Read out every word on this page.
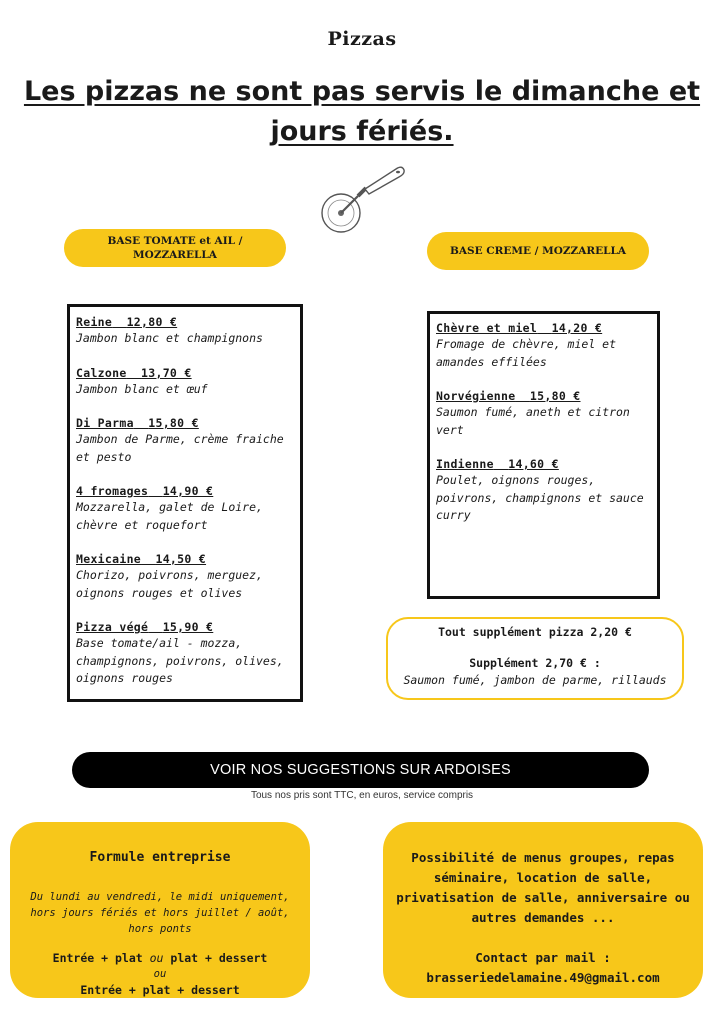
Pizzas
Les pizzas ne sont pas servis le dimanche et jours fériés.
BASE TOMATE et AIL / MOZZARELLA	BASE CREME / MOZZARELLA
Reine 12,80 €
Jambon blanc et champignons
Calzone 13,70 €
Jambon blanc et œuf
Di Parma 15,80 €
Jambon de Parme, crème fraiche et pesto
4 fromages 14,90 €
Mozzarella, galet de Loire, chèvre et roquefort
Mexicaine 14,50 €
Chorizo, poivrons, merguez, oignons rouges et olives
Pizza végé 15,90 €
Base tomate/ail - mozza, champignons, poivrons, olives, oignons rouges
Chèvre et miel 14,20 €
Fromage de chèvre, miel et amandes effilées
Norvégienne 15,80 €
Saumon fumé, aneth et citron vert
Indienne 14,60 €
Poulet, oignons rouges, poivrons, champignons et sauce curry
Tout supplément pizza 2,20 €
Supplément 2,70 € :
Saumon fumé, jambon de parme, rillauds
VOIR NOS SUGGESTIONS SUR ARDOISES
Tous nos pris sont TTC, en euros, service compris
Formule entreprise
Du lundi au vendredi, le midi uniquement, hors jours fériés et hors juillet / août, hors ponts
Entrée + plat ou plat + dessert
ou
Entrée + plat + dessert
Possibilité de menus groupes, repas séminaire, location de salle, privatisation de salle, anniversaire ou autres demandes ...
Contact par mail :
brasseriedelamaine.49@gmail.com
